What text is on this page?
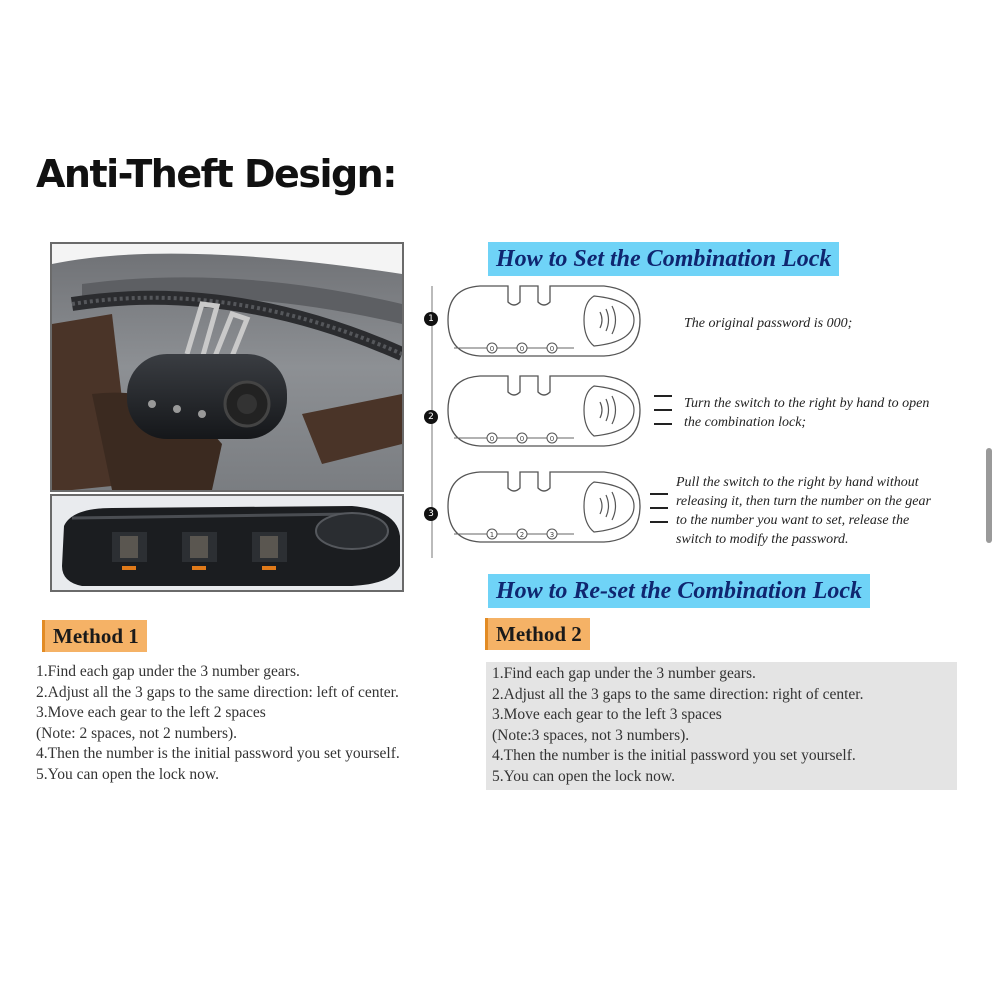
Anti-Theft Design:
How to Set the Combination Lock
1
0	0	0
The original password is 000;
2
0	0	0
Turn the switch to the right by hand to open the combination lock;
3
1	2	3
Pull the switch to the right by hand without releasing it, then turn the number on the gear to the number you want to set, release the switch to modify the password.
How to Re-set the Combination Lock
Method 1
1.Find each gap under the 3 number gears.
2.Adjust all the 3 gaps to the same direction: left of center.
3.Move each gear to the left 2 spaces
(Note: 2 spaces, not 2 numbers).
4.Then the number is the initial password you set yourself.
5.You can open the lock now.
Method 2
1.Find each gap under the 3 number gears.
2.Adjust all the 3 gaps to the same direction: right of center.
3.Move each gear to the left 3 spaces
(Note:3 spaces, not 3 numbers).
4.Then the number is the initial password you set yourself.
5.You can open the lock now.
